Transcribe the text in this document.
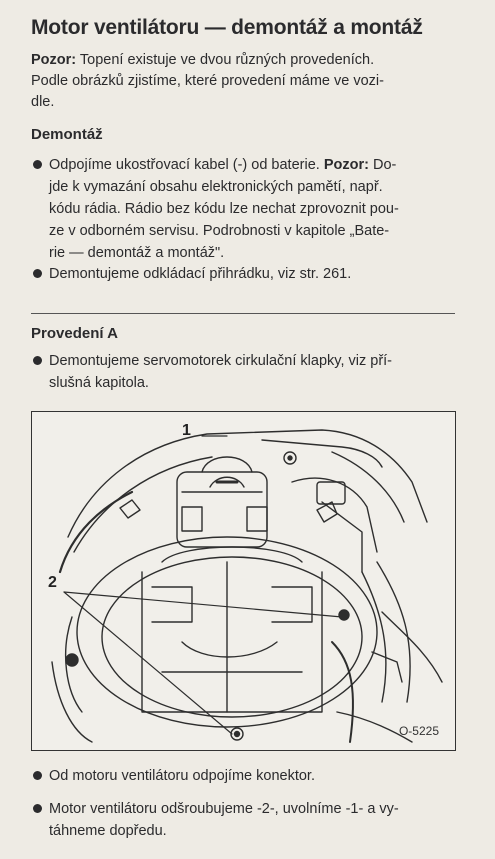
Motor ventilátoru — demontáž a montáž
Pozor: Topení existuje ve dvou různých provedeních.
Podle obrázků zjistíme, které provedení máme ve vozi-
dle.
Demontáž
Odpojíme ukostřovací kabel (-) od baterie. Pozor: Do-
jde k vymazání obsahu elektronických pamětí, např.
kódu rádia. Rádio bez kódu lze nechat zprovoznit pou-
ze v odborném servisu. Podrobnosti v kapitole „Bate-
rie — demontáž a montáž".
Demontujeme odkládací přihrádku, viz str. 261.
Provedení A
Demontujeme servomotorek cirkulační klapky, viz pří-
slušná kapitola.
1
2
O-5225
Od motoru ventilátoru odpojíme konektor.
Motor ventilátoru odšroubujeme -2-, uvolníme -1- a vy-
táhneme dopředu.
